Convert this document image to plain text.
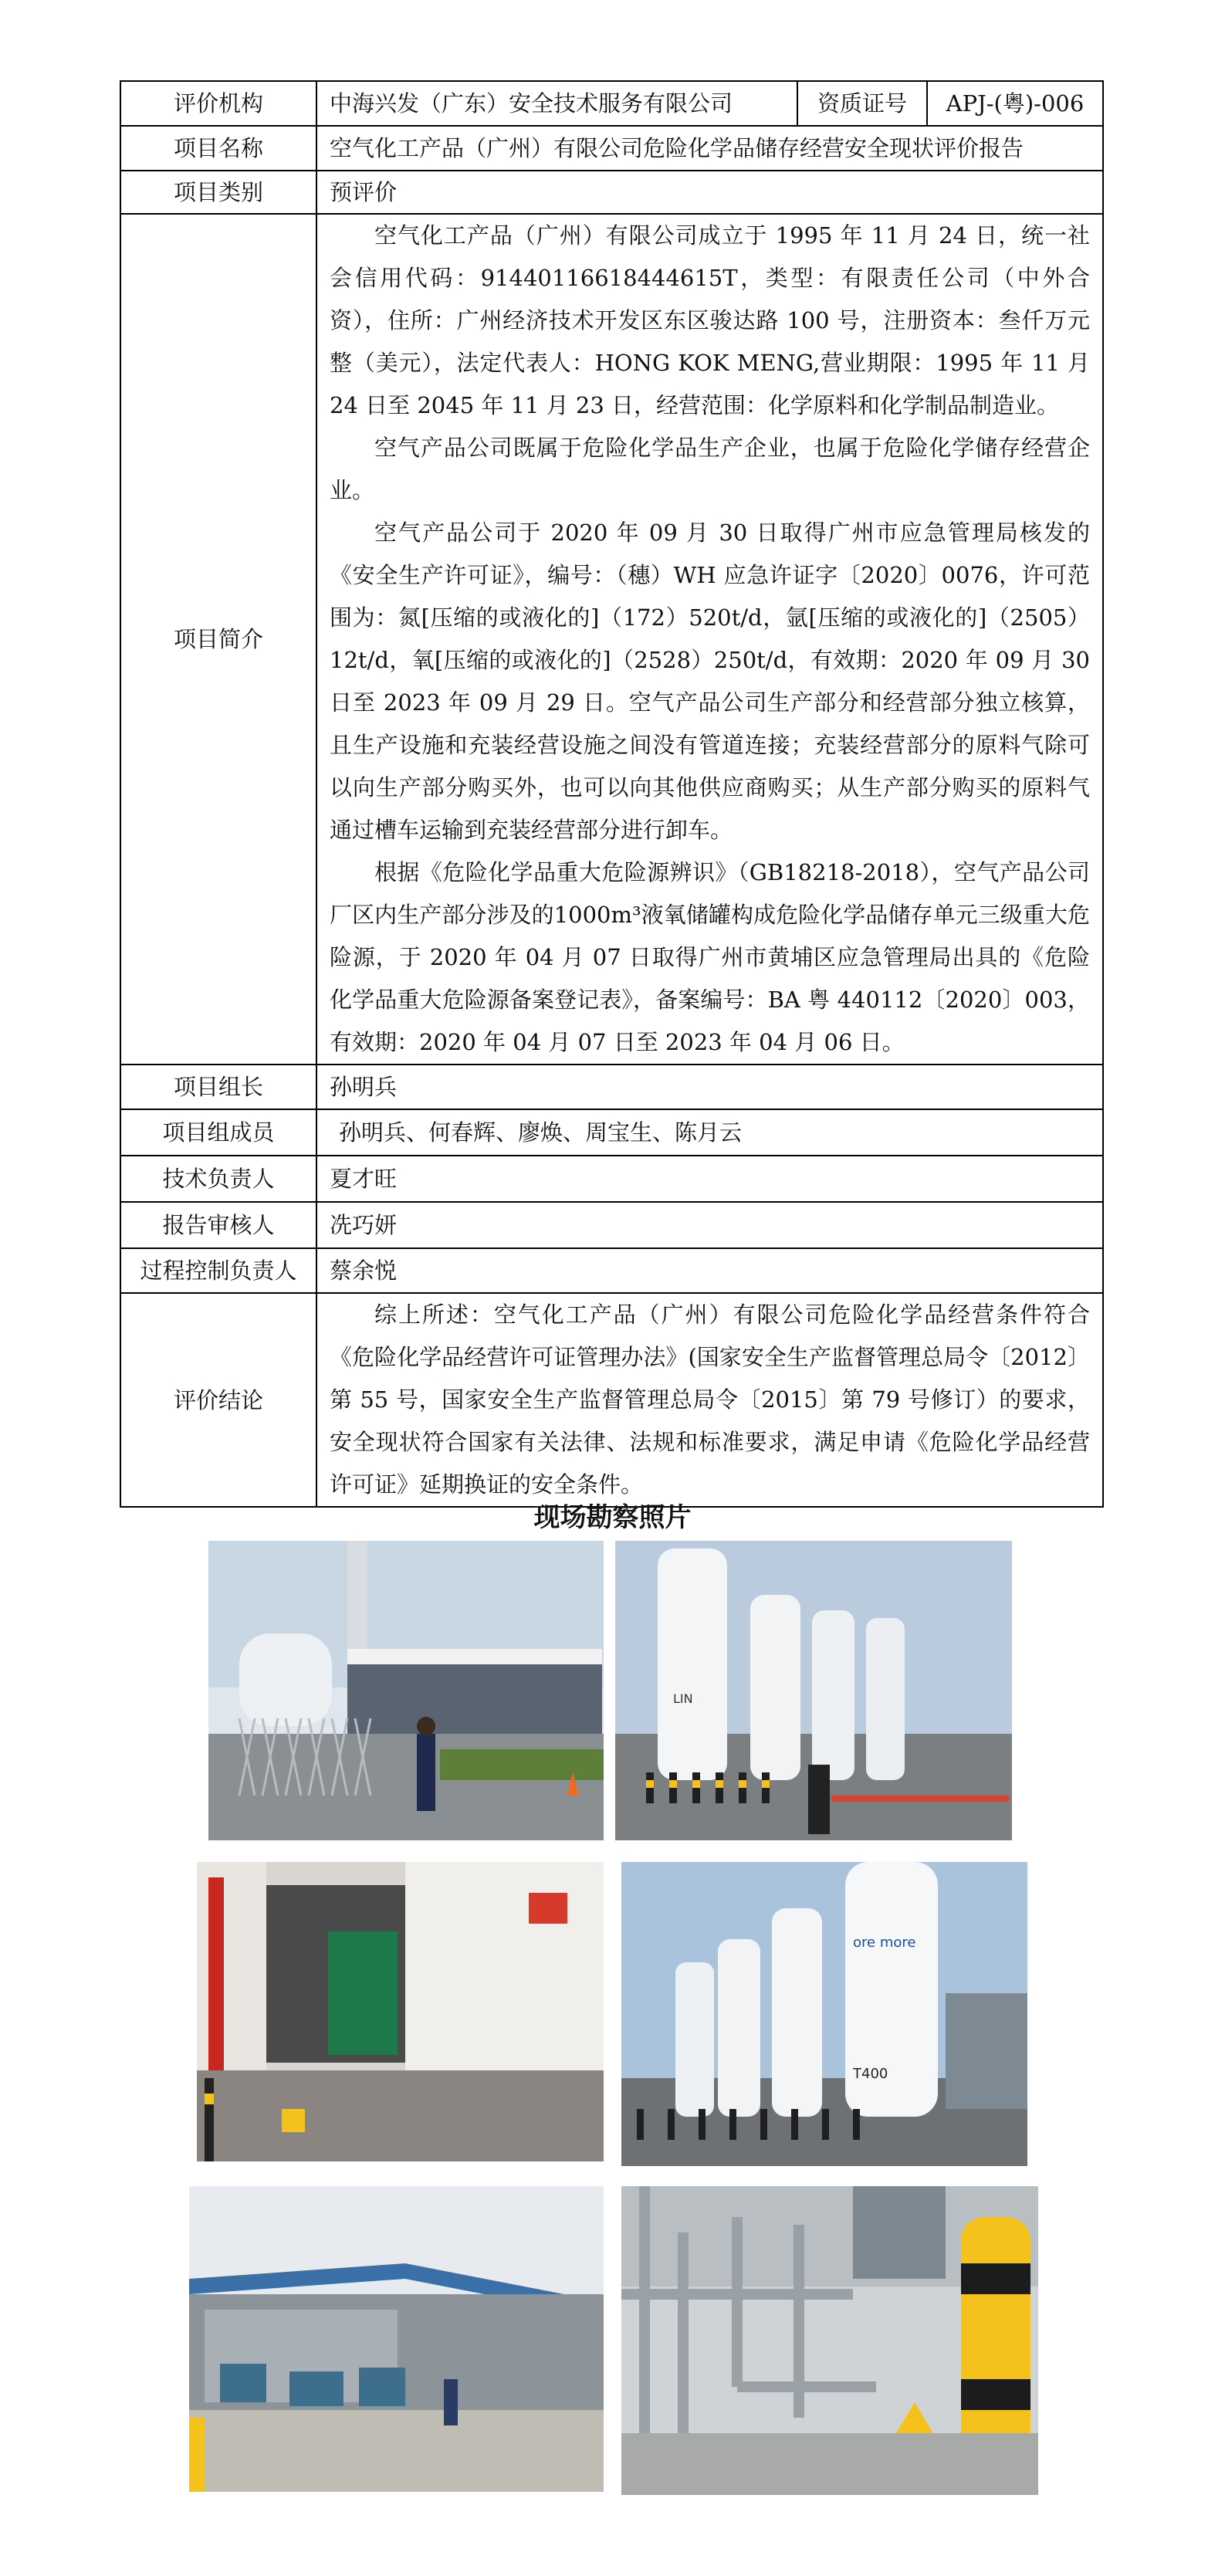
评价机构	中海兴发（广东）安全技术服务有限公司	资质证号	APJ-(粤)-006
项目名称	空气化工产品（广州）有限公司危险化学品储存经营安全现状评价报告		
项目类别	预评价		
项目简介	空气化工产品（广州）有限公司成立于 1995 年 11 月 24 日，统一社会信用代码：91440116618444615T，类型：有限责任公司（中外合资），住所：广州经济技术开发区东区骏达路 100 号，注册资本：叁仟万元整（美元），法定代表人：HONG KOK MENG,营业期限：1995 年 11 月 24 日至 2045 年 11 月 23 日，经营范围：化学原料和化学制品制造业。

空气产品公司既属于危险化学品生产企业，也属于危险化学储存经营企业。

空气产品公司于 2020 年 09 月 30 日取得广州市应急管理局核发的《安全生产许可证》，编号：（穗）WH 应急许证字〔2020〕0076，许可范围为：氮[压缩的或液化的]（172）520t/d，氩[压缩的或液化的]（2505）12t/d，氧[压缩的或液化的]（2528）250t/d，有效期：2020 年 09 月 30 日至 2023 年 09 月 29 日。空气产品公司生产部分和经营部分独立核算，且生产设施和充装经营设施之间没有管道连接；充装经营部分的原料气除可以向生产部分购买外，也可以向其他供应商购买；从生产部分购买的原料气通过槽车运输到充装经营部分进行卸车。

根据《危险化学品重大危险源辨识》（GB18218-2018），空气产品公司厂区内生产部分涉及的1000m³液氧储罐构成危险化学品储存单元三级重大危险源，于 2020 年 04 月 07 日取得广州市黄埔区应急管理局出具的《危险化学品重大危险源备案登记表》，备案编号：BA 粤 440112〔2020〕003，有效期：2020 年 04 月 07 日至 2023 年 04 月 06 日。		

项目组长	孙明兵		
项目组成员	孙明兵、何春辉、廖焕、周宝生、陈月云		
技术负责人	夏才旺		
报告审核人	冼巧妍		
过程控制负责人	蔡余悦		
评价结论	综上所述：空气化工产品（广州）有限公司危险化学品经营条件符合《危险化学品经营许可证管理办法》(国家安全生产监督管理总局令〔2012〕第 55 号，国家安全生产监督管理总局令〔2015〕第 79 号修订）的要求，安全现状符合国家有关法律、法规和标准要求，满足申请《危险化学品经营许可证》延期换证的安全条件。		

现场勘察照片
LIN
ore more
T400
